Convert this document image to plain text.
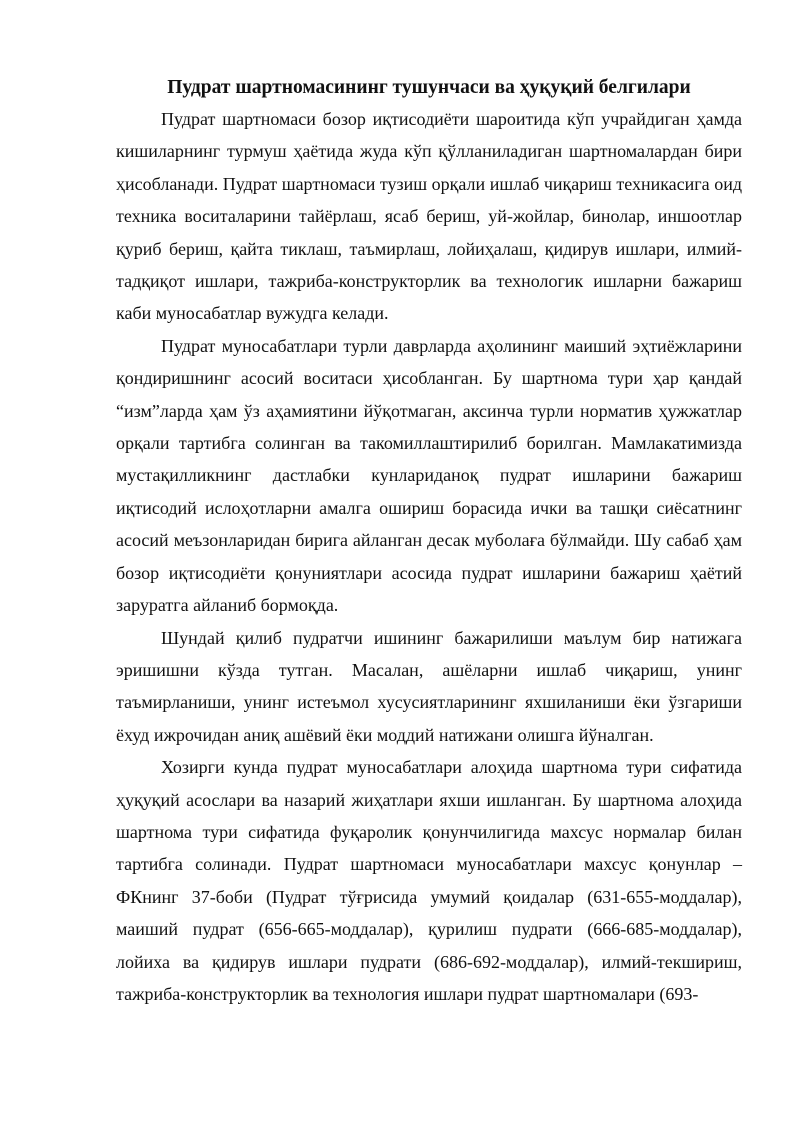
Пудрат шартномасининг тушунчаси ва ҳуқуқий белгилари

Пудрат шартномаси бозор иқтисодиёти шароитида кўп учрайдиган ҳамда кишиларнинг турмуш ҳаётида жуда кўп қўлланиладиган шартномалардан бири ҳисобланади. Пудрат шартномаси тузиш орқали ишлаб чиқариш техникасига оид техника воситаларини тайёрлаш, ясаб бериш, уй-жойлар, бинолар, иншоотлар қуриб бериш, қайта тиклаш, таъмирлаш, лойиҳалаш, қидирув ишлари, илмий-тадқиқот ишлари, тажриба-конструкторлик ва технологик ишларни бажариш каби муносабатлар вужудга келади.

Пудрат муносабатлари турли даврларда аҳолининг маиший эҳтиёжларини қондиришнинг асосий воситаси ҳисобланган. Бу шартнома тури ҳар қандай “изм”ларда ҳам ўз аҳамиятини йўқотмаган, аксинча турли норматив ҳужжатлар орқали тартибга солинган ва такомиллаштирилиб борилган. Мамлакатимизда мустақилликнинг дастлабки кунлариданоқ пудрат ишларини бажариш иқтисодий ислоҳотларни амалга ошириш борасида ички ва ташқи сиёсатнинг асосий меъзонларидан бирига айланган десак муболаға бўлмайди. Шу сабаб ҳам бозор иқтисодиёти қонуниятлари асосида пудрат ишларини бажариш ҳаётий заруратга айланиб бормоқда.

Шундай қилиб пудратчи ишининг бажарилиши маълум бир натижага эришишни кўзда тутган. Масалан, ашёларни ишлаб чиқариш, унинг таъмирланиши, унинг истеъмол хусусиятларининг яхшиланиши ёки ўзгариши ёхуд ижрочидан аниқ ашёвий ёки моддий натижани олишга йўналган.

Хозирги кунда пудрат муносабатлари алоҳида шартнома тури сифатида ҳуқуқий асослари ва назарий жиҳатлари яхши ишланган. Бу шартнома алоҳида шартнома тури сифатида фуқаролик қонунчилигида махсус нормалар билан тартибга солинади. Пудрат шартномаси муносабатлари махсус қонунлар – ФКнинг 37-боби (Пудрат тўғрисида умумий қоидалар (631-655-моддалар), маиший пудрат (656-665-моддалар), қурилиш пудрати (666-685-моддалар), лойиха ва қидирув ишлари пудрати (686-692-моддалар), илмий-текшириш, тажриба-конструкторлик ва технология ишлари пудрат шартномалари (693-
